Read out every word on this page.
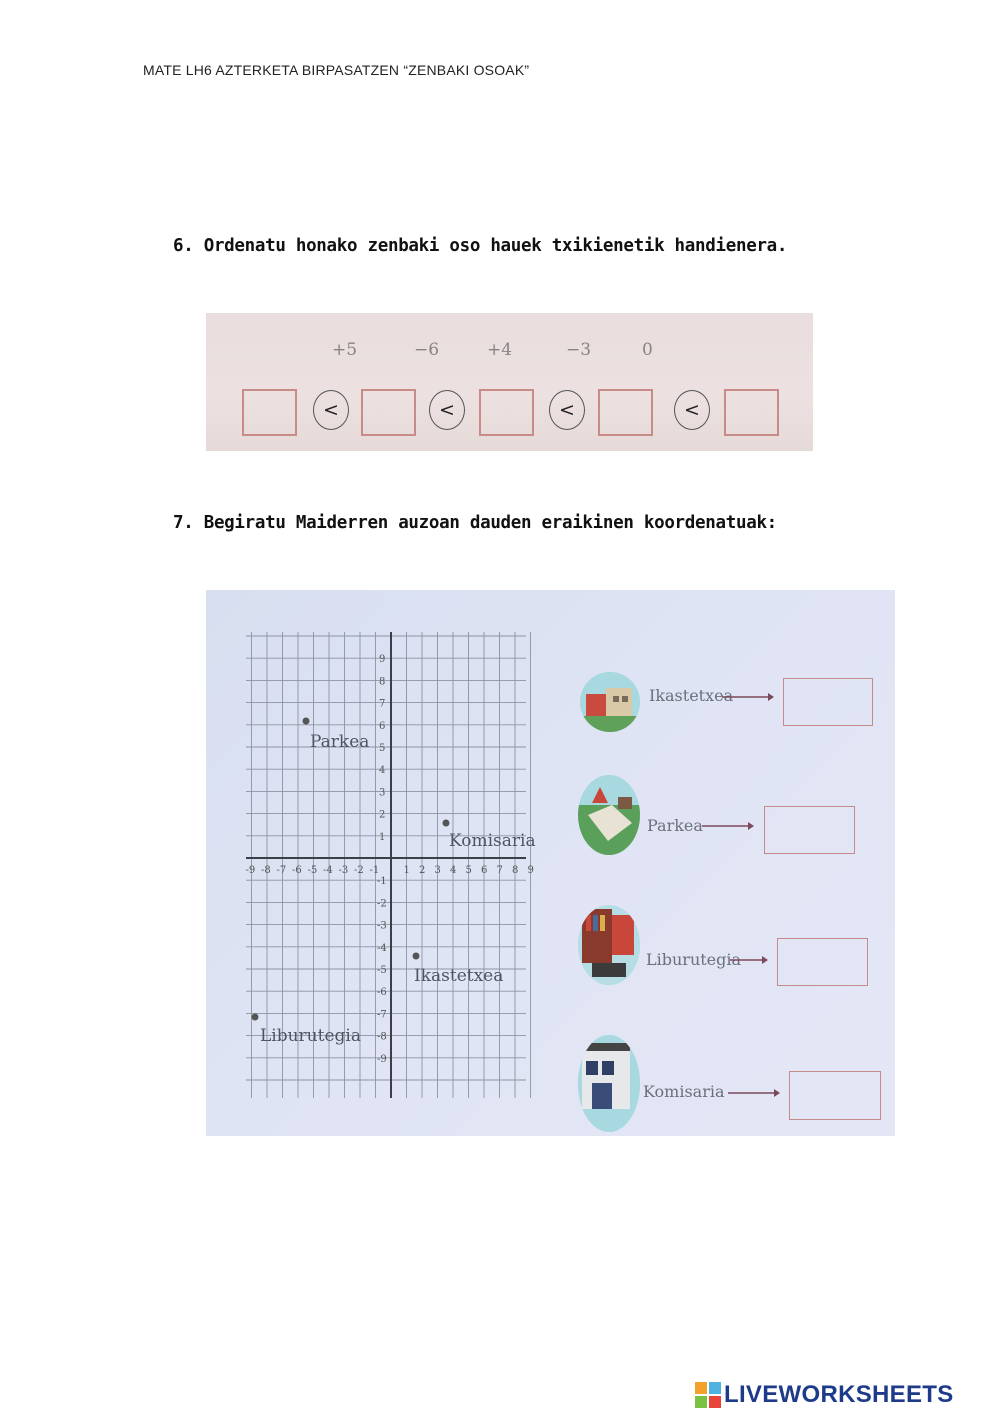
MATE LH6 AZTERKETA BIRPASATZEN “ZENBAKI OSOAK”
6. Ordenatu honako zenbaki oso hauek txikienetik handienera.
+5	−6	+4	−3	0
<	<	<	<
7. Begiratu Maiderren auzoan dauden eraikinen koordenatuak:
-9 -8 -7 -6 -5 -4 -3 -2 -1 1 2 3 4 5 6 7 8 9
9
8
7
6
5
4
3
2
1
-1
-2
-3
-4
-5
-6
-7
-8
-9
Parkea
Komisaria
Ikastetxea
Liburutegia
Ikastetxea
Parkea
Liburutegia
Komisaria
LIVEWORKSHEETS
